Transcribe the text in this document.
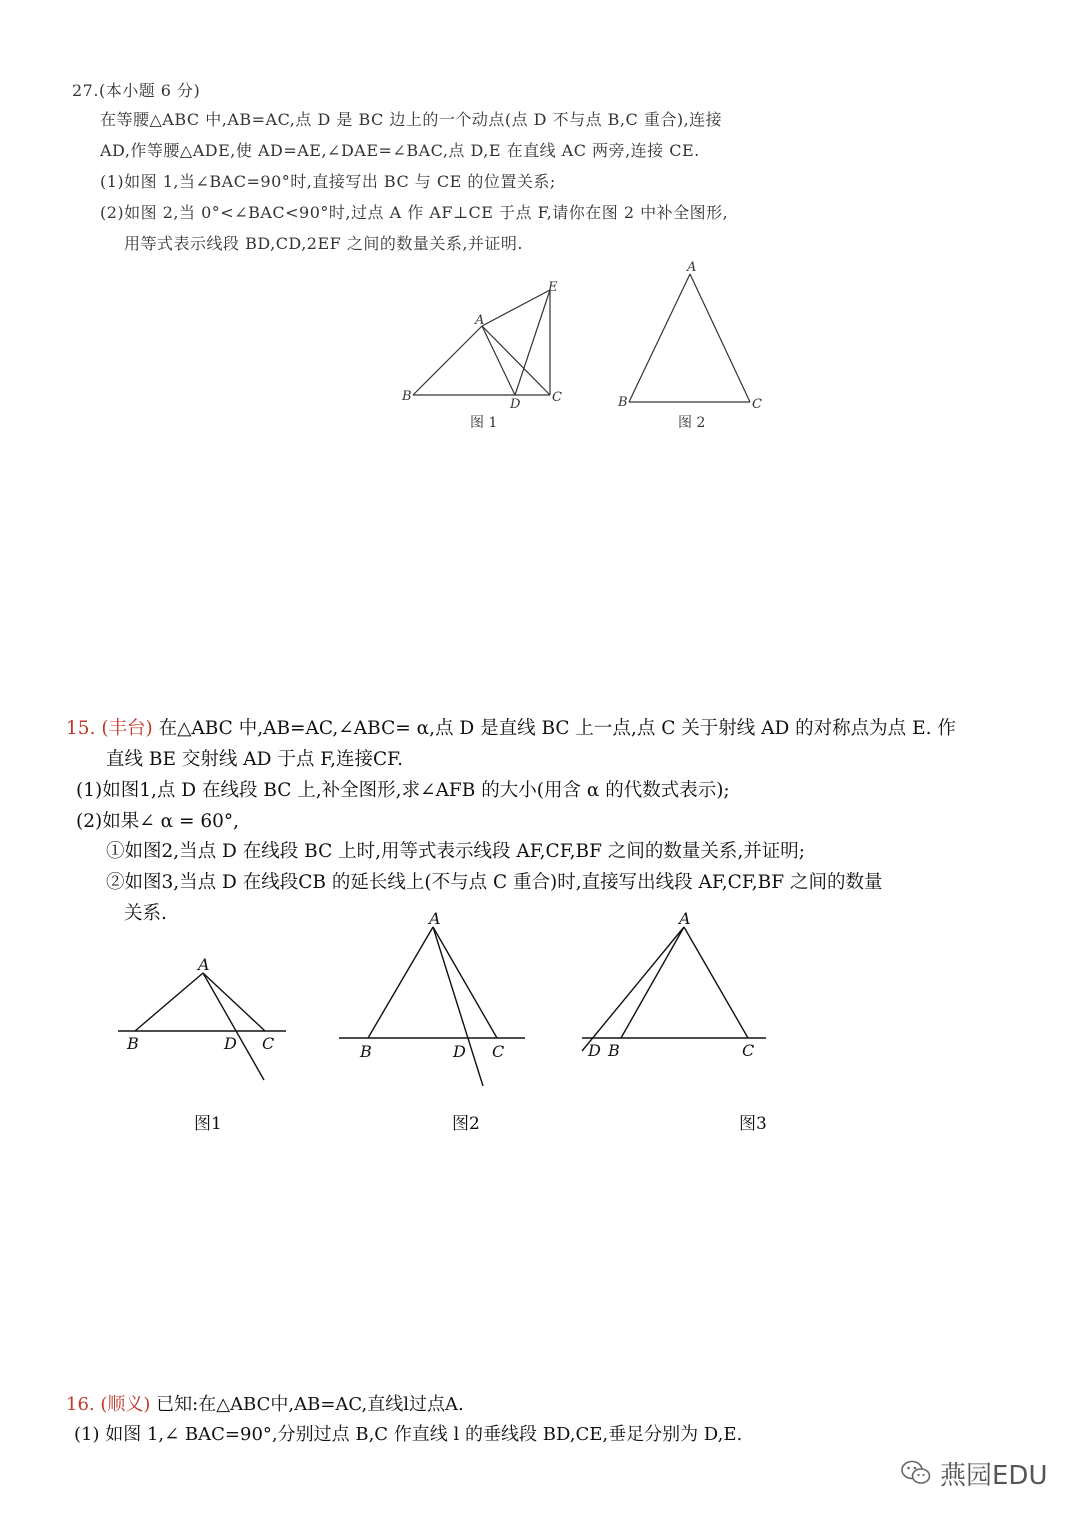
27.(本小题 6 分)
在等腰△ABC 中,AB=AC,点 D 是 BC 边上的一个动点(点 D 不与点 B,C 重合),连接
AD,作等腰△ADE,使 AD=AE,∠DAE=∠BAC,点 D,E 在直线 AC 两旁,连接 CE.
(1)如图 1,当∠BAC=90°时,直接写出 BC 与 CE 的位置关系;
(2)如图 2,当 0°<∠BAC<90°时,过点 A 作 AF⊥CE 于点 F,请你在图 2 中补全图形,
用等式表示线段 BD,CD,2EF 之间的数量关系,并证明.
A
B	C
D
E
图 1
A
B	C
图 2
15. (丰台) 在△ABC 中,AB=AC,∠ABC= α,点 D 是直线 BC 上一点,点 C 关于射线 AD 的对称点为点 E. 作
直线 BE 交射线 AD 于点 F,连接CF.
(1)如图1,点 D 在线段 BC 上,补全图形,求∠AFB 的大小(用含 α 的代数式表示);
(2)如果∠ α = 60°,
①如图2,当点 D 在线段 BC 上时,用等式表示线段 AF,CF,BF 之间的数量关系,并证明;
②如图3,当点 D 在线段CB 的延长线上(不与点 C 重合)时,直接写出线段 AF,CF,BF 之间的数量
关系.
A
B	D C
图1
A
B	D C
图2
A
D B	C
图3
16. (顺义) 已知:在△ABC中,AB=AC,直线l过点A.
(1) 如图 1,∠ BAC=90°,分别过点 B,C 作直线 l 的垂线段 BD,CE,垂足分别为 D,E.
燕园EDU
